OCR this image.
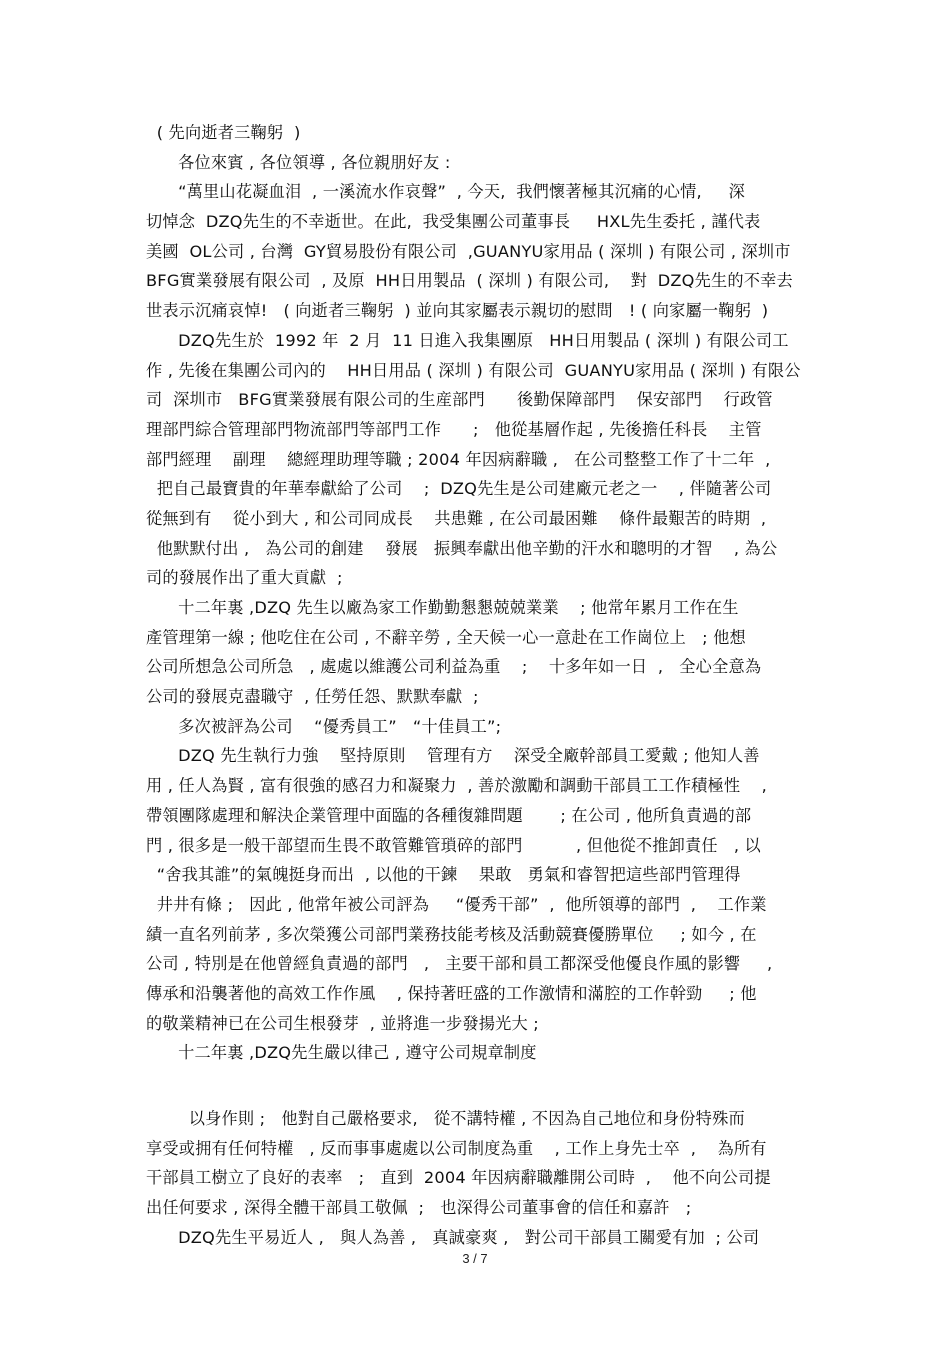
( 先向逝者三鞠躬  )
各位來賓 , 各位領導 , 各位親朋好友 :
“萬里山花凝血泪  , 一溪流水作哀聲”  , 今天,  我們懷著極其沉痛的心情,     深
切悼念  DZQ先生的不幸逝世。在此,  我受集團公司董事長     HXL先生委托 , 謹代表
美國  OL公司 , 台灣  GY貿易股份有限公司  ,GUANYU家用品 ( 深圳 ) 有限公司 , 深圳市
BFG實業發展有限公司  , 及原  HH日用製品  ( 深圳 ) 有限公司,    對  DZQ先生的不幸去
世表示沉痛哀悼!   ( 向逝者三鞠躬  ) 並向其家屬表示親切的慰問   ! ( 向家屬一鞠躬  )
DZQ先生於  1992 年  2 月  11 日進入我集團原   HH日用製品 ( 深圳 ) 有限公司工
作 , 先後在集團公司內的    HH日用品 ( 深圳 ) 有限公司  GUANYU家用品 ( 深圳 ) 有限公
司  深圳市   BFG實業發展有限公司的生産部門      後勤保障部門    保安部門    行政管
理部門綜合管理部門物流部門等部門工作      ;   他從基層作起 , 先後擔任科長    主管
部門經理    副理    總經理助理等職 ; 2004 年因病辭職 ,   在公司整整工作了十二年  ,
把自己最寶貴的年華奉獻給了公司    ;  DZQ先生是公司建廠元老之一    , 伴隨著公司
從無到有    從小到大 , 和公司同成長    共患難 , 在公司最困難    條件最艱苦的時期  ,
他默默付出 ,   為公司的創建    發展   振興奉獻出他辛勤的汗水和聰明的才智    , 為公
司的發展作出了重大貢獻  ;
十二年裏 ,DZQ 先生以廠為家工作勤勤懇懇兢兢業業    ; 他常年累月工作在生
產管理第一線 ; 他吃住在公司 , 不辭辛勞 , 全天候一心一意赴在工作崗位上   ; 他想
公司所想急公司所急   , 處處以維護公司利益為重    ;    十多年如一日  ,   全心全意為
公司的發展克盡職守  , 任勞任怨、默默奉獻  ;
多次被評為公司    “優秀員工”   “十佳員工”;
DZQ 先生執行力強    堅持原則    管理有方    深受全廠幹部員工愛戴 ; 他知人善
用 , 任人為賢 , 富有很強的感召力和凝聚力  , 善於激勵和調動干部員工工作積極性    ,
帶領團隊處理和解決企業管理中面臨的各種復雜問題       ; 在公司 , 他所負責過的部
門 , 很多是一般干部望而生畏不敢管難管瑣碎的部門          , 但他從不推卸責任   , 以
“舍我其誰”的氣魄挺身而出  , 以他的干鍊    果敢   勇氣和睿智把這些部門管理得
井井有條 ;   因此 , 他常年被公司評為     “優秀干部”  ,  他所領導的部門  ,    工作業
績一直名列前茅 , 多次榮獲公司部門業務技能考核及活動競賽優勝單位     ; 如今 , 在
公司 , 特別是在他曾經負責過的部門   ,   主要干部和員工都深受他優良作風的影響     ,
傳承和沿襲著他的高效工作作風    , 保持著旺盛的工作激情和滿腔的工作幹勁     ; 他
的敬業精神已在公司生根發芽  , 並將進一步發揚光大 ;
十二年裏 ,DZQ先生嚴以律己 , 遵守公司規章制度
以身作則 ;   他對自己嚴格要求,   從不講特權 , 不因為自己地位和身份特殊而
享受或拥有任何特權   , 反而事事處處以公司制度為重    , 工作上身先士卒  ,    為所有
干部員工樹立了良好的表率   ;   直到  2004 年因病辭職離開公司時  ,    他不向公司提
出任何要求 , 深得全體干部員工敬佩  ;   也深得公司董事會的信任和嘉許   ;
DZQ先生平易近人 ,   與人為善 ,   真誠豪爽 ,   對公司干部員工關愛有加  ; 公司
3 / 7
